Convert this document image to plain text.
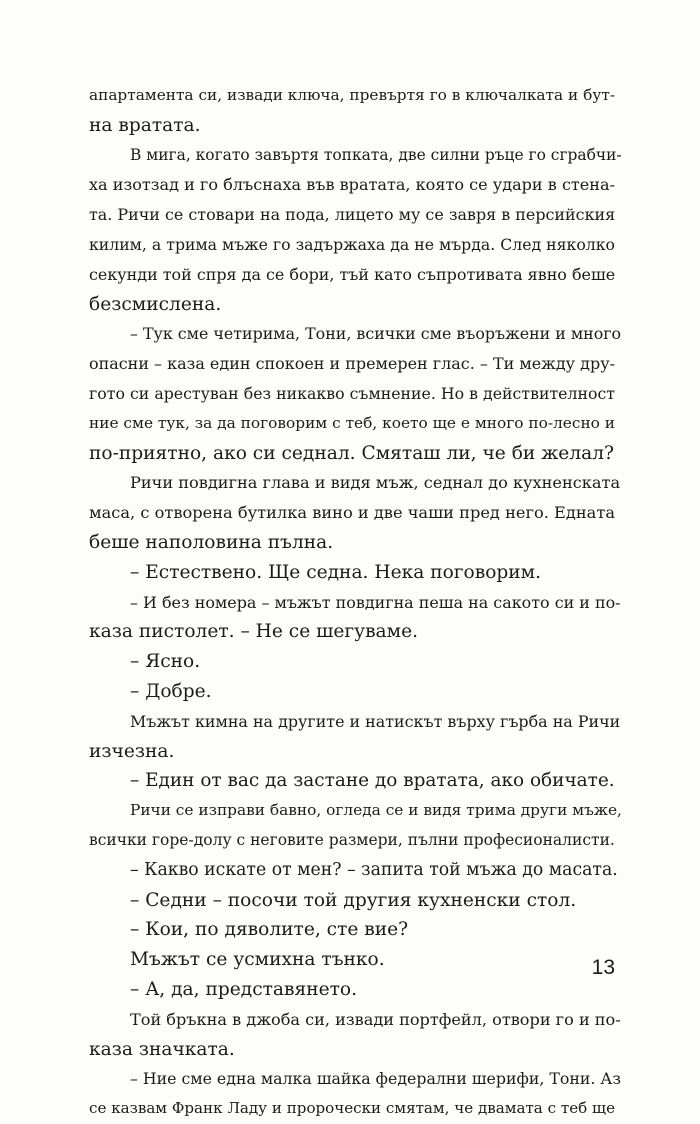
апартамента си, извади ключа, превъртя го в ключалката и бут-
на вратата.
В мига, когато завъртя топката, две силни ръце го сграбчи-
ха изотзад и го блъснаха във вратата, която се удари в стена-
та. Ричи се стовари на пода, лицето му се завря в персийския
килим, а трима мъже го задържаха да не мърда. След няколко
секунди той спря да се бори, тъй като съпротивата явно беше
безсмислена.
– Тук сме четирима, Тони, всички сме въоръжени и много
опасни – каза един спокоен и премерен глас. – Ти между дру-
гото си арестуван без никакво съмнение. Но в действителност
ние сме тук, за да поговорим с теб, което ще е много по-лесно и
по-приятно, ако си седнал. Смяташ ли, че би желал?
Ричи повдигна глава и видя мъж, седнал до кухненската
маса, с отворена бутилка вино и две чаши пред него. Едната
беше наполовина пълна.
– Естествено. Ще седна. Нека поговорим.
– И без номера – мъжът повдигна пеша на сакото си и по-
каза пистолет. – Не се шегуваме.
– Ясно.
– Добре.
Мъжът кимна на другите и натискът върху гърба на Ричи
изчезна.
– Един от вас да застане до вратата, ако обичате.
Ричи се изправи бавно, огледа се и видя трима други мъже,
всички горе-долу с неговите размери, пълни професионалисти.
– Какво искате от мен? – запита той мъжа до масата.
– Седни – посочи той другия кухненски стол.
– Кои, по дяволите, сте вие?
Мъжът се усмихна тънко.
– А, да, представянето.
Той бръкна в джоба си, извади портфейл, отвори го и по-
каза значката.
– Ние сме една малка шайка федерални шерифи, Тони. Аз
се казвам Франк Ладу и пророчески смятам, че двамата с теб ще
13
